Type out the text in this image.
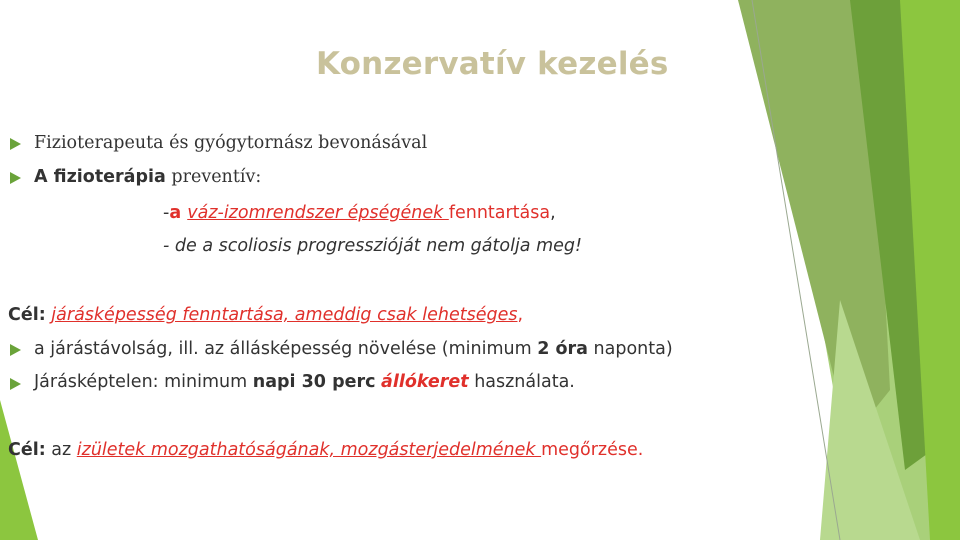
Konzervatív kezelés
Fizioterapeuta és gyógytornász bevonásával
A fizioterápia preventív:
-a váz-izomrendszer épségének fenntartása,
- de a scoliosis progresszióját nem gátolja meg!
Cél: járásképesség fenntartása, ameddig csak lehetséges,
a járástávolság, ill. az állásképesség növelése (minimum 2 óra naponta)
Járásképtelen: minimum napi 30 perc állókeret használata.
Cél: az izületek mozgathatóságának, mozgásterjedelmének megőrzése.
